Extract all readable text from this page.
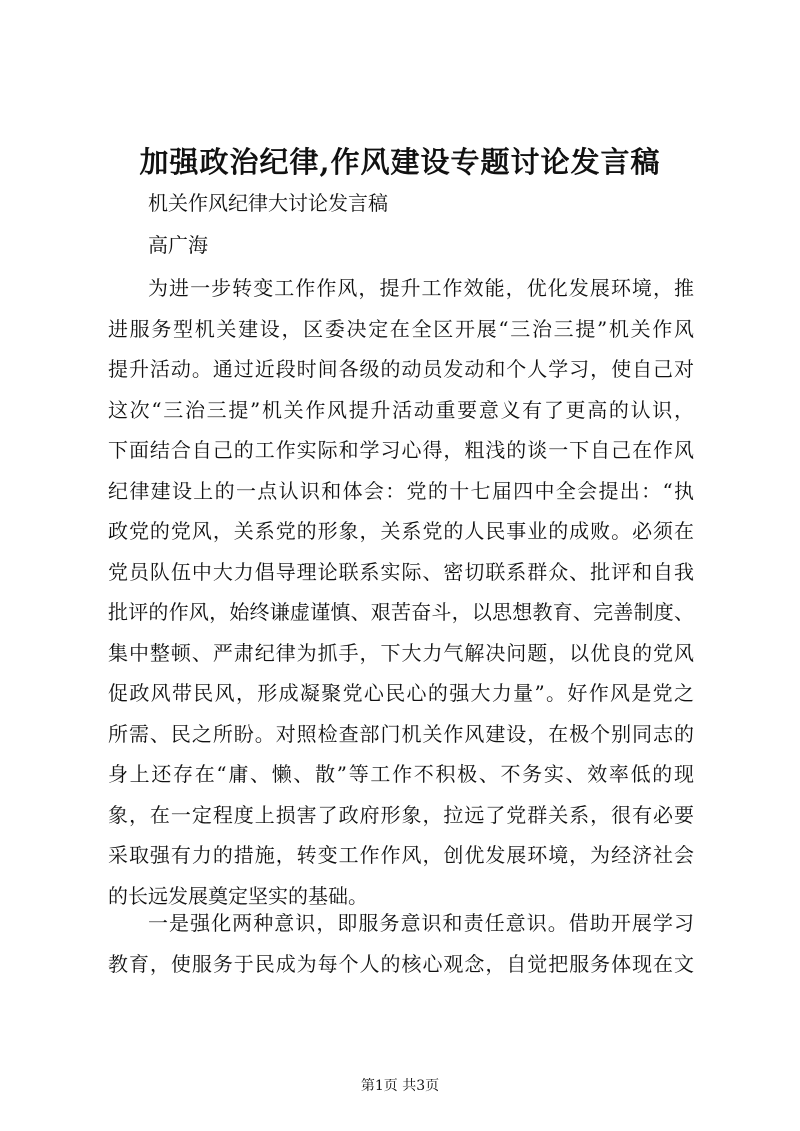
加强政治纪律,作风建设专题讨论发言稿
机关作风纪律大讨论发言稿
高广海
为进一步转变工作作风，提升工作效能，优化发展环境，推
进服务型机关建设，区委决定在全区开展“三治三提”机关作风
提升活动。通过近段时间各级的动员发动和个人学习，使自己对
这次“三治三提”机关作风提升活动重要意义有了更高的认识，
下面结合自己的工作实际和学习心得，粗浅的谈一下自己在作风
纪律建设上的一点认识和体会：党的十七届四中全会提出：“执
政党的党风，关系党的形象，关系党的人民事业的成败。必须在
党员队伍中大力倡导理论联系实际、密切联系群众、批评和自我
批评的作风，始终谦虚谨慎、艰苦奋斗，以思想教育、完善制度、
集中整顿、严肃纪律为抓手，下大力气解决问题，以优良的党风
促政风带民风，形成凝聚党心民心的强大力量”。好作风是党之
所需、民之所盼。对照检查部门机关作风建设，在极个别同志的
身上还存在“庸、懒、散”等工作不积极、不务实、效率低的现
象，在一定程度上损害了政府形象，拉远了党群关系，很有必要
采取强有力的措施，转变工作作风，创优发展环境，为经济社会
的长远发展奠定坚实的基础。
一是强化两种意识，即服务意识和责任意识。借助开展学习
教育，使服务于民成为每个人的核心观念，自觉把服务体现在文
第1页 共3页
